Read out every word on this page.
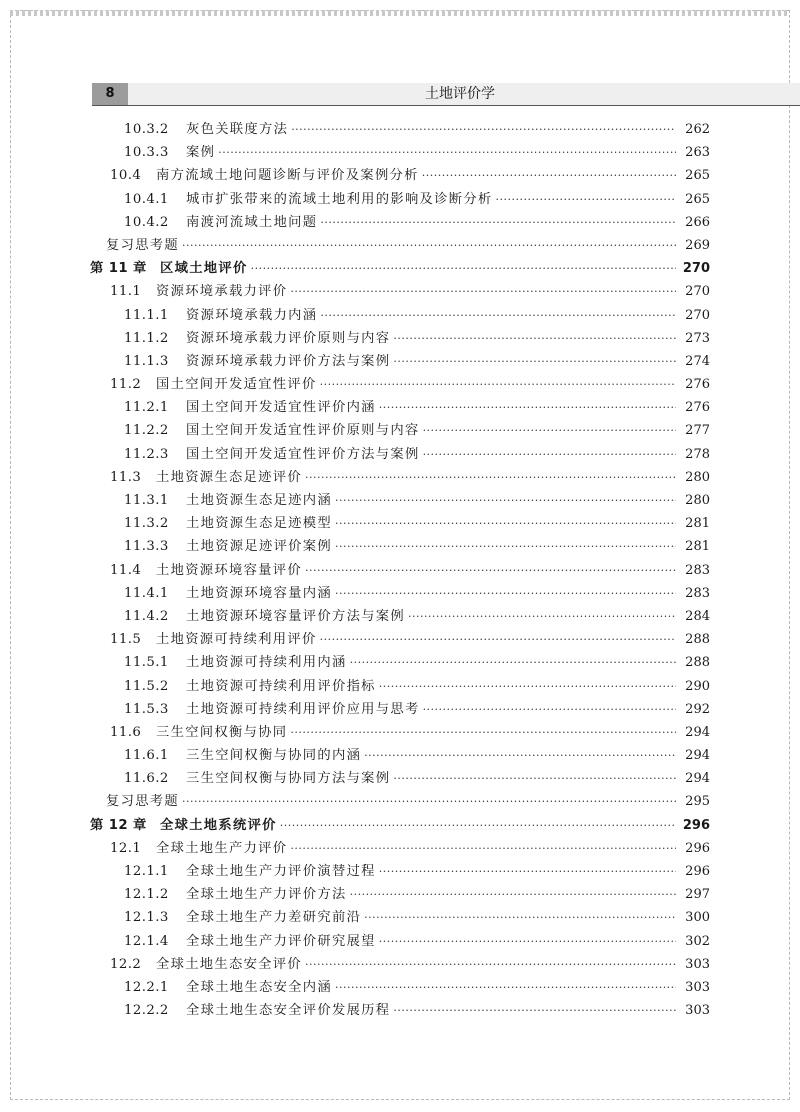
8	土地评价学
10.3.2	灰色关联度方法 ·····	262
10.3.3	案例 ·····	263
10.4	南方流域土地问题诊断与评价及案例分析 ·····	265
10.4.1	城市扩张带来的流域土地利用的影响及诊断分析 ·····	265
10.4.2	南渡河流域土地问题 ·····	266
复习思考题 ·····	269
第 11 章 区域土地评价 ·····	270
11.1	资源环境承载力评价 ·····	270
11.1.1	资源环境承载力内涵 ·····	270
11.1.2	资源环境承载力评价原则与内容 ·····	273
11.1.3	资源环境承载力评价方法与案例 ·····	274
11.2	国土空间开发适宜性评价 ·····	276
11.2.1	国土空间开发适宜性评价内涵 ·····	276
11.2.2	国土空间开发适宜性评价原则与内容 ·····	277
11.2.3	国土空间开发适宜性评价方法与案例 ·····	278
11.3	土地资源生态足迹评价 ·····	280
11.3.1	土地资源生态足迹内涵 ·····	280
11.3.2	土地资源生态足迹模型 ·····	281
11.3.3	土地资源足迹评价案例 ·····	281
11.4	土地资源环境容量评价 ·····	283
11.4.1	土地资源环境容量内涵 ·····	283
11.4.2	土地资源环境容量评价方法与案例 ·····	284
11.5	土地资源可持续利用评价 ·····	288
11.5.1	土地资源可持续利用内涵 ·····	288
11.5.2	土地资源可持续利用评价指标 ·····	290
11.5.3	土地资源可持续利用评价应用与思考 ·····	292
11.6	三生空间权衡与协同 ·····	294
11.6.1	三生空间权衡与协同的内涵 ·····	294
11.6.2	三生空间权衡与协同方法与案例 ·····	294
复习思考题 ·····	295
第 12 章 全球土地系统评价 ·····	296
12.1	全球土地生产力评价 ·····	296
12.1.1	全球土地生产力评价演替过程 ·····	296
12.1.2	全球土地生产力评价方法 ·····	297
12.1.3	全球土地生产力差研究前沿 ·····	300
12.1.4	全球土地生产力评价研究展望 ·····	302
12.2	全球土地生态安全评价 ·····	303
12.2.1	全球土地生态安全内涵 ·····	303
12.2.2	全球土地生态安全评价发展历程 ·····	303
